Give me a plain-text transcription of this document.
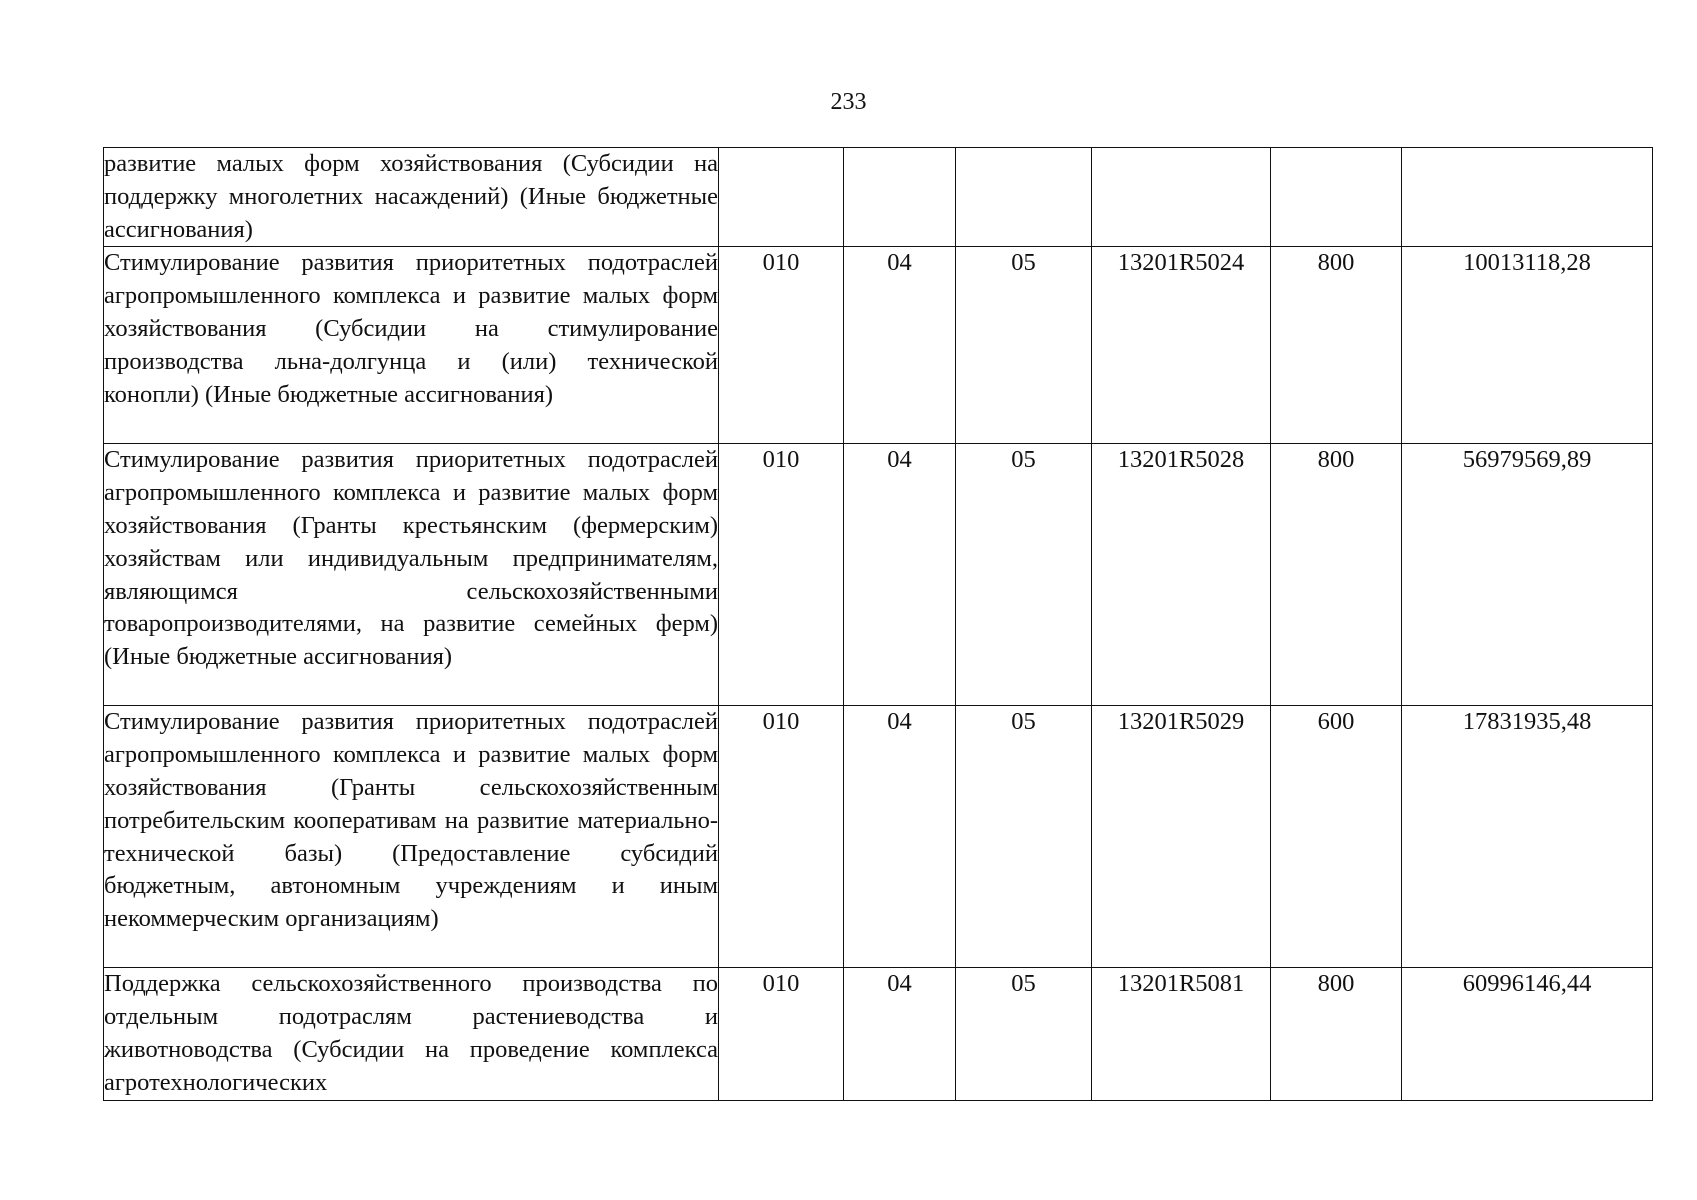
233
развитие малых форм хозяйствования (Субсидии на поддержку многолетних насаждений) (Иные бюджетные ассигнования)						
Стимулирование развития приоритетных подотраслей агропромышленного комплекса и развитие малых форм хозяйствования (Субсидии на стимулирование производства льна-долгунца и (или) технической конопли) (Иные бюджетные ассигнования)	010	04	05	13201R5024	800	10013118,28
Стимулирование развития приоритетных подотраслей агропромышленного комплекса и развитие малых форм хозяйствования (Гранты крестьянским (фермерским) хозяйствам или индивидуальным предпринимателям, являющимся сельскохозяйственными товаропроизводителями, на развитие семейных ферм) (Иные бюджетные ассигнования)	010	04	05	13201R5028	800	56979569,89
Стимулирование развития приоритетных подотраслей агропромышленного комплекса и развитие малых форм хозяйствования (Гранты сельскохозяйственным потребительским кооперативам на развитие материально-технической базы) (Предоставление субсидий бюджетным, автономным учреждениям и иным некоммерческим организациям)	010	04	05	13201R5029	600	17831935,48
Поддержка сельскохозяйственного производства по отдельным подотраслям растениеводства и животноводства (Субсидии на проведение комплекса агротехнологических	010	04	05	13201R5081	800	60996146,44
